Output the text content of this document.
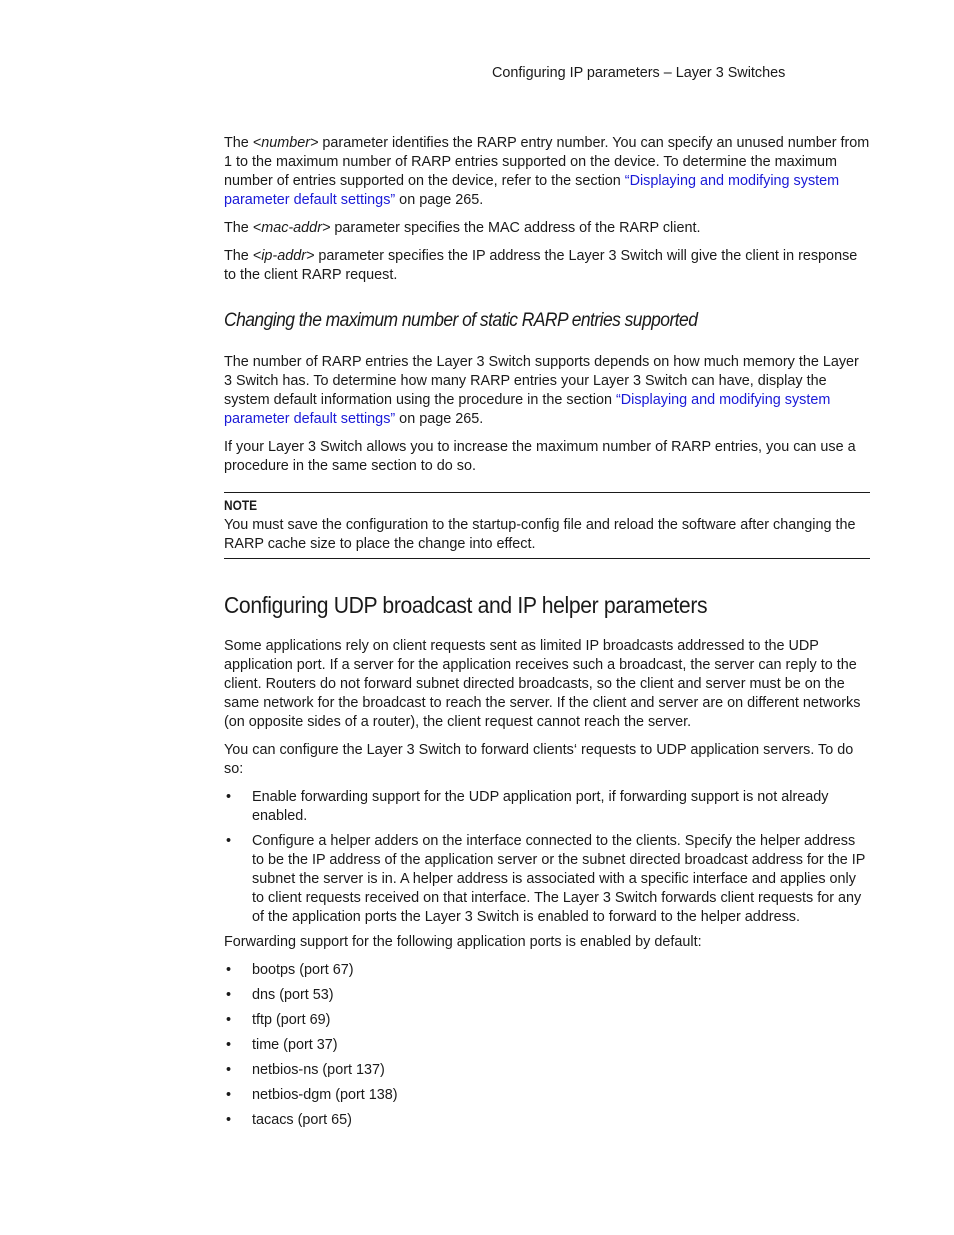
Configuring IP parameters – Layer 3 Switches

The <number> parameter identifies the RARP entry number. You can specify an unused number from 1 to the maximum number of RARP entries supported on the device. To determine the maximum number of entries supported on the device, refer to the section “Displaying and modifying system parameter default settings” on page 265.

The <mac-addr> parameter specifies the MAC address of the RARP client.

The <ip-addr> parameter specifies the IP address the Layer 3 Switch will give the client in response to the client RARP request.

Changing the maximum number of static RARP entries supported

The number of RARP entries the Layer 3 Switch supports depends on how much memory the Layer 3 Switch has. To determine how many RARP entries your Layer 3 Switch can have, display the system default information using the procedure in the section “Displaying and modifying system parameter default settings” on page 265.

If your Layer 3 Switch allows you to increase the maximum number of RARP entries, you can use a procedure in the same section to do so.

NOTE
You must save the configuration to the startup-config file and reload the software after changing the RARP cache size to place the change into effect.
Configuring UDP broadcast and IP helper parameters

Some applications rely on client requests sent as limited IP broadcasts addressed to the UDP application port. If a server for the application receives such a broadcast, the server can reply to the client. Routers do not forward subnet directed broadcasts, so the client and server must be on the same network for the broadcast to reach the server. If the client and server are on different networks (on opposite sides of a router), the client request cannot reach the server.

You can configure the Layer 3 Switch to forward clients‘ requests to UDP application servers. To do so:

• Enable forwarding support for the UDP application port, if forwarding support is not already enabled.
• Configure a helper adders on the interface connected to the clients. Specify the helper address to be the IP address of the application server or the subnet directed broadcast address for the IP subnet the server is in. A helper address is associated with a specific interface and applies only to client requests received on that interface. The Layer 3 Switch forwards client requests for any of the application ports the Layer 3 Switch is enabled to forward to the helper address.

Forwarding support for the following application ports is enabled by default:

• bootps (port 67)
• dns (port 53)
• tftp (port 69)
• time (port 37)
• netbios-ns (port 137)
• netbios-dgm (port 138)
• tacacs (port 65)
